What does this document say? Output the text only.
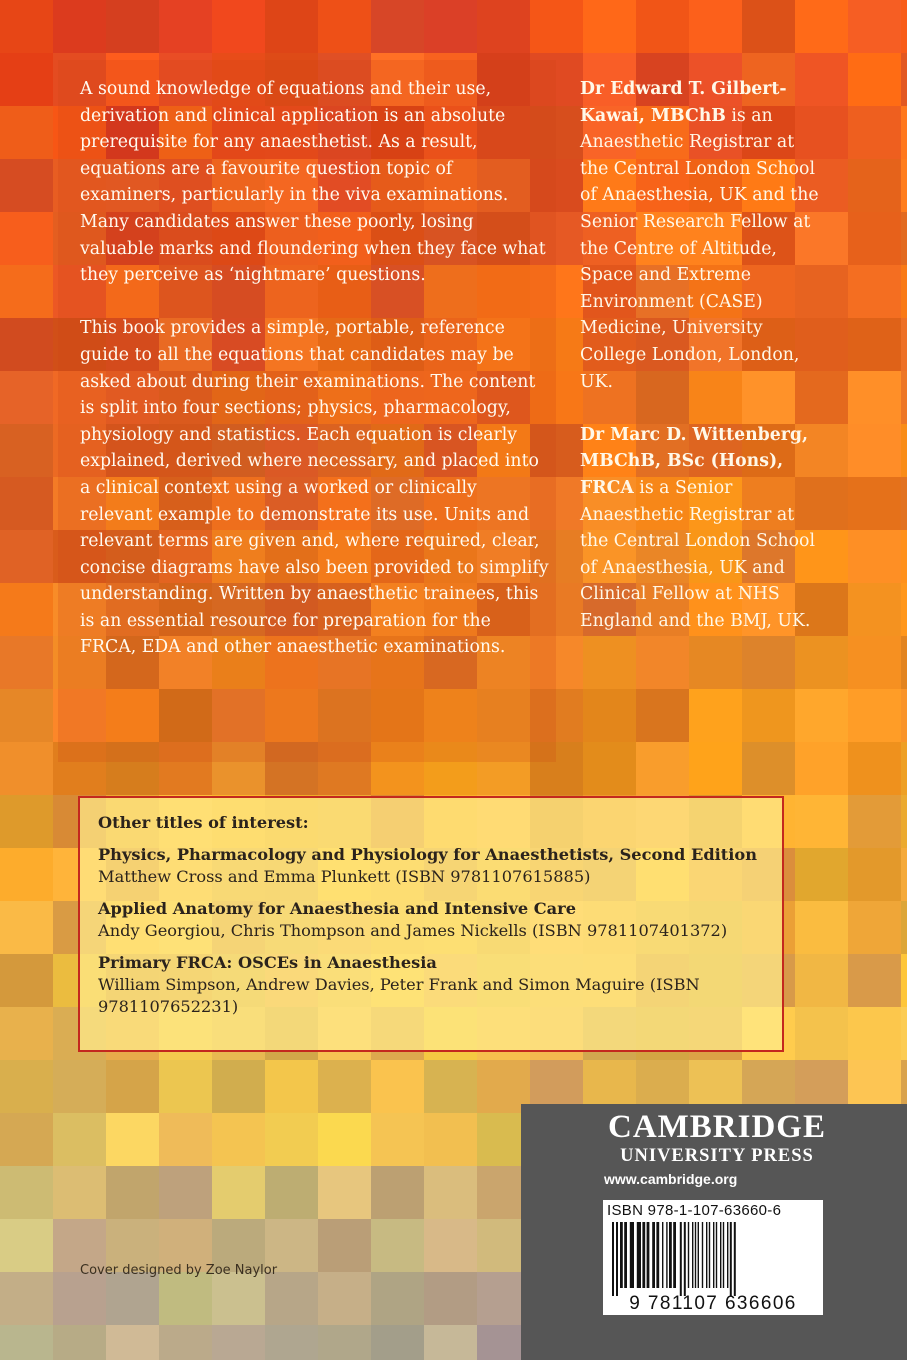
A sound knowledge of equations and their use, derivation and clinical application is an absolute prerequisite for any anaesthetist. As a result, equations are a favourite question topic of examiners, particularly in the viva examinations. Many candidates answer these poorly, losing valuable marks and floundering when they face what they perceive as ‘nightmare’ questions.

This book provides a simple, portable, reference guide to all the equations that candidates may be asked about during their examinations. The content is split into four sections; physics, pharmacology, physiology and statistics. Each equation is clearly explained, derived where necessary, and placed into a clinical context using a worked or clinically relevant example to demonstrate its use. Units and relevant terms are given and, where required, clear, concise diagrams have also been provided to simplify understanding. Written by anaesthetic trainees, this is an essential resource for preparation for the FRCA, EDA and other anaesthetic examinations.

Dr Edward T. Gilbert-Kawai, MBChB is an Anaesthetic Registrar at the Central London School of Anaesthesia, UK and the Senior Research Fellow at the Centre of Altitude, Space and Extreme Environment (CASE) Medicine, University College London, London, UK.

Dr Marc D. Wittenberg, MBChB, BSc (Hons), FRCA is a Senior Anaesthetic Registrar at the Central London School of Anaesthesia, UK and Clinical Fellow at NHS England and the BMJ, UK.

Other titles of interest:
Physics, Pharmacology and Physiology for Anaesthetists, Second Edition
Matthew Cross and Emma Plunkett (ISBN 9781107615885)
Applied Anatomy for Anaesthesia and Intensive Care
Andy Georgiou, Chris Thompson and James Nickells (ISBN 9781107401372)
Primary FRCA: OSCEs in Anaesthesia
William Simpson, Andrew Davies, Peter Frank and Simon Maguire (ISBN 9781107652231)
CAMBRIDGE
UNIVERSITY PRESS
www.cambridge.org
ISBN 978-1-107-63660-6
9 781107 636606
Cover designed by Zoe Naylor
